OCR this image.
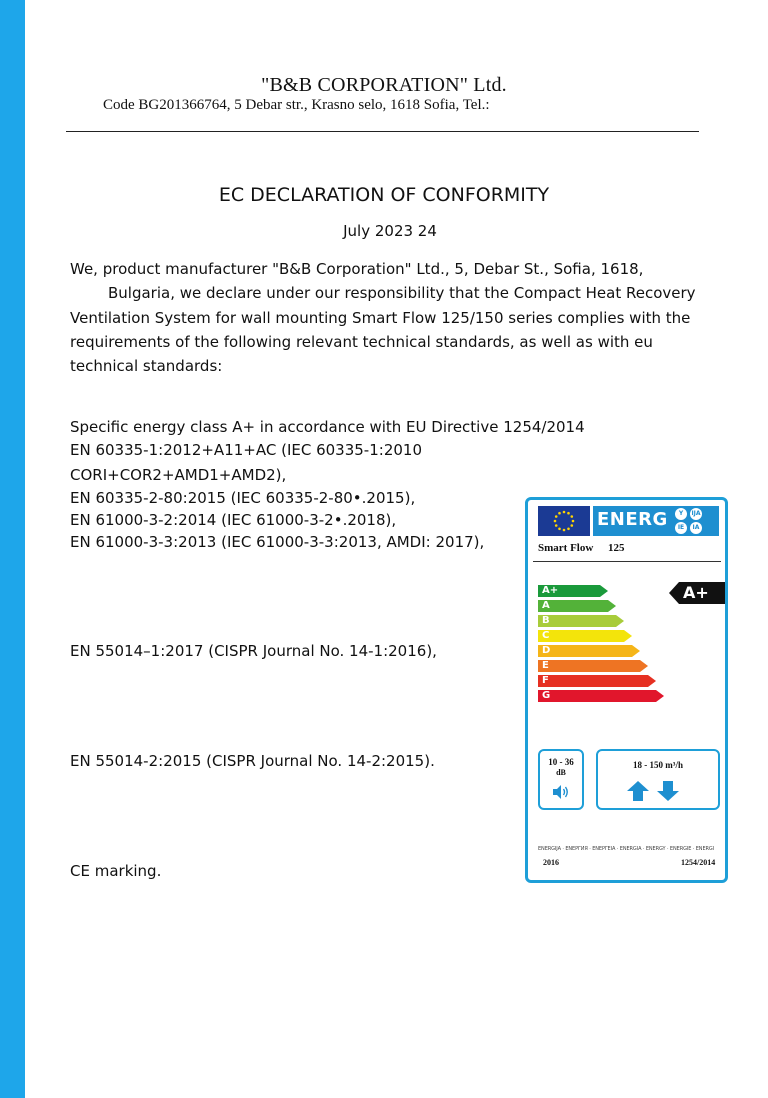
"B&B CORPORATION" Ltd.
Code BG201366764, 5 Debar str., Krasno selo, 1618 Sofia, Tel.:
EC DECLARATION OF CONFORMITY
July 2023 24
We, product manufacturer "B&B Corporation" Ltd., 5, Debar St., Sofia, 1618,
Bulgaria, we declare under our responsibility that the Compact Heat Recovery
Ventilation System for wall mounting Smart Flow 125/150 series complies with the
requirements of the following relevant technical standards, as well as with eu
technical standards:
Specific energy class A+ in accordance with EU Directive 1254/2014
EN 60335-1:2012+A11+AC (IEC 60335-1:2010
CORI+COR2+AMD1+AMD2),
EN 60335-2-80:2015 (IEC 60335-2-80•.2015),
EN 61000-3-2:2014 (IEC 61000-3-2•.2018),
EN 61000-3-3:2013 (IEC 61000-3-3:2013, AMDI: 2017),
EN 55014–1:2017 (CISPR Journal No. 14-1:2016),
EN 55014-2:2015 (CISPR Journal No. 14-2:2015).
CE marking.
ENERG	Y	IJA
IE	IA
Smart Flow 125
A+
A
B
C
D
E
F
G
A+
10 - 36
dB
18 - 150 m³/h
ENERGIJA · ENEPΓИЯ · ΕΝΕΡΓΕΙΑ · ENERGIA · ENERGY · ENERGIE · ENERGI
2016	1254/2014
